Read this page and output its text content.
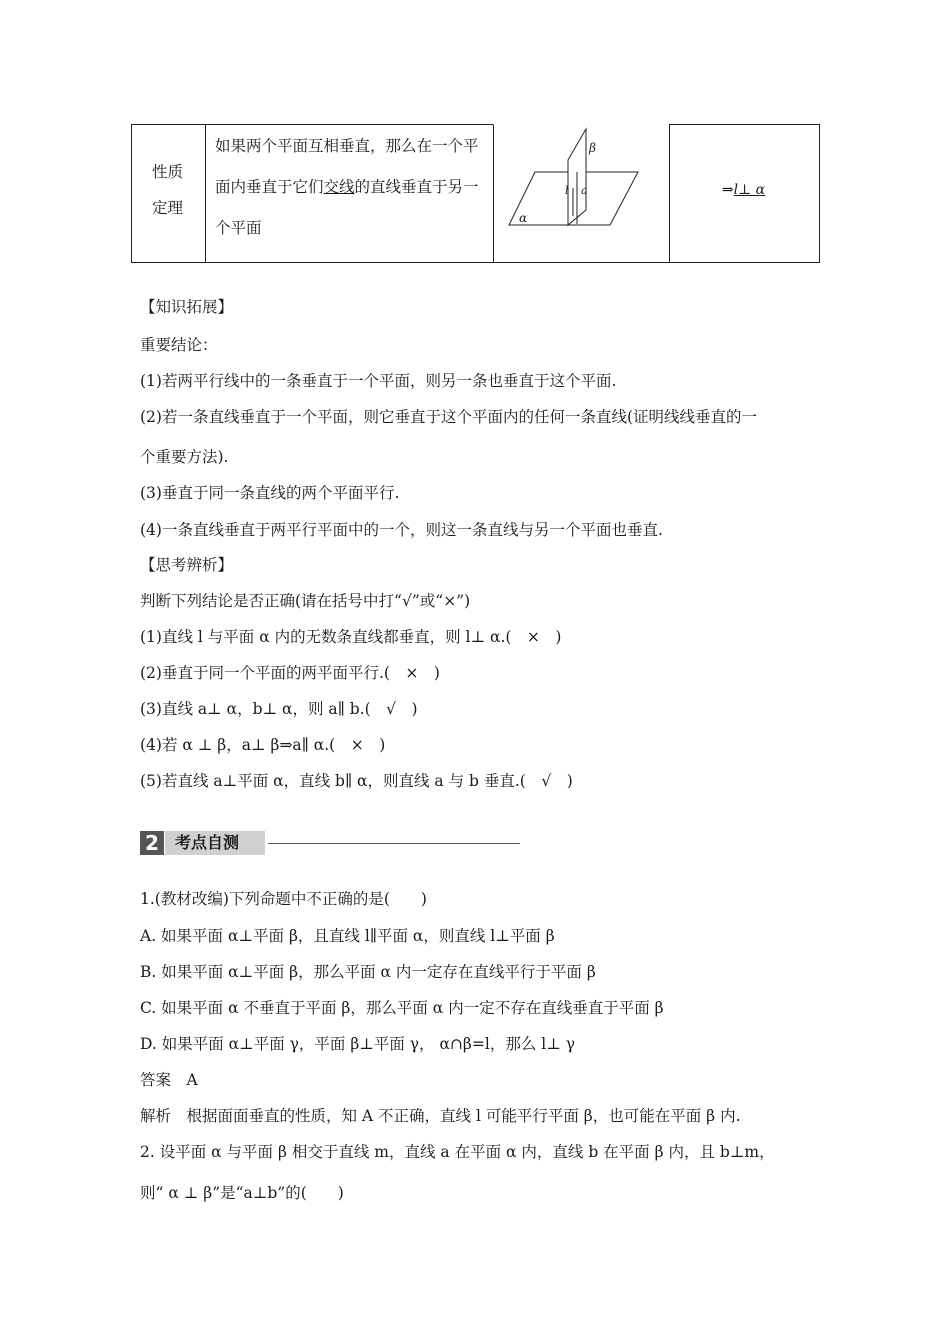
性质
定理
如果两个平面互相垂直，那么在一个平面内垂直于它们交线的直线垂直于另一个平面
β
l a
α
⇒l⊥ α
【知识拓展】
重要结论：
(1)若两平行线中的一条垂直于一个平面，则另一条也垂直于这个平面.
(2)若一条直线垂直于一个平面，则它垂直于这个平面内的任何一条直线(证明线线垂直的一
个重要方法).
(3)垂直于同一条直线的两个平面平行.
(4)一条直线垂直于两平行平面中的一个，则这一条直线与另一个平面也垂直.
【思考辨析】
判断下列结论是否正确(请在括号中打“√”或“×”)
(1)直线 l 与平面 α 内的无数条直线都垂直，则 l⊥ α.(　×　)
(2)垂直于同一个平面的两平面平行.(　×　)
(3)直线 a⊥ α，b⊥ α，则 a∥ b.(　√　)
(4)若 α ⊥ β，a⊥ β⇒a∥ α.(　×　)
(5)若直线 a⊥平面 α，直线 b∥ α，则直线 a 与 b 垂直.(　√　)
2	考点自测
1.(教材改编)下列命题中不正确的是(　　)
A. 如果平面 α⊥平面 β，且直线 l∥平面 α，则直线 l⊥平面 β
B. 如果平面 α⊥平面 β，那么平面 α 内一定存在直线平行于平面 β
C. 如果平面 α 不垂直于平面 β，那么平面 α 内一定不存在直线垂直于平面 β
D. 如果平面 α⊥平面 γ，平面 β⊥平面 γ， α∩β=l，那么 l⊥ γ
答案　A
解析　根据面面垂直的性质，知 A 不正确，直线 l 可能平行平面 β，也可能在平面 β 内.
2. 设平面 α 与平面 β 相交于直线 m，直线 a 在平面 α 内，直线 b 在平面 β 内，且 b⊥m，
则“ α ⊥ β”是“a⊥b”的(　　)
